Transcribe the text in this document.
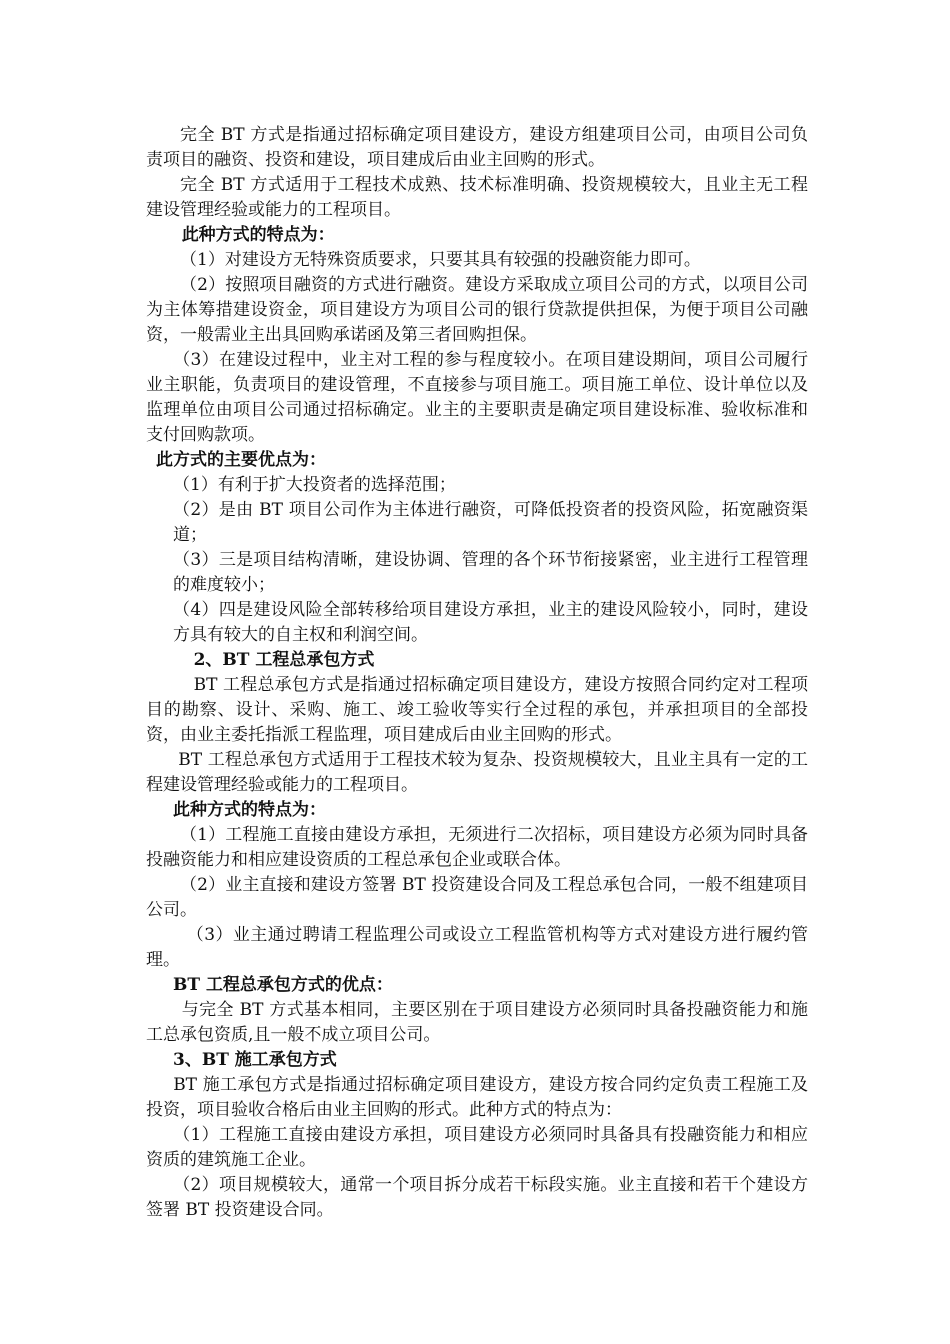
完全 BT 方式是指通过招标确定项目建设方，建设方组建项目公司，由项目公司负责项目的融资、投资和建设，项目建成后由业主回购的形式。

完全 BT 方式适用于工程技术成熟、技术标准明确、投资规模较大，且业主无工程建设管理经验或能力的工程项目。

此种方式的特点为：

（1）对建设方无特殊资质要求，只要其具有较强的投融资能力即可。

（2）按照项目融资的方式进行融资。建设方采取成立项目公司的方式，以项目公司为主体筹措建设资金，项目建设方为项目公司的银行贷款提供担保，为便于项目公司融资，一般需业主出具回购承诺函及第三者回购担保。

（3）在建设过程中，业主对工程的参与程度较小。在项目建设期间，项目公司履行业主职能，负责项目的建设管理，不直接参与项目施工。项目施工单位、设计单位以及监理单位由项目公司通过招标确定。业主的主要职责是确定项目建设标准、验收标准和支付回购款项。

此方式的主要优点为：

（1）有利于扩大投资者的选择范围；

（2）是由 BT 项目公司作为主体进行融资，可降低投资者的投资风险，拓宽融资渠道；

（3）三是项目结构清晰，建设协调、管理的各个环节衔接紧密，业主进行工程管理的难度较小；

（4）四是建设风险全部转移给项目建设方承担，业主的建设风险较小，同时，建设方具有较大的自主权和利润空间。

2、BT 工程总承包方式

BT 工程总承包方式是指通过招标确定项目建设方，建设方按照合同约定对工程项目的勘察、设计、采购、施工、竣工验收等实行全过程的承包，并承担项目的全部投资，由业主委托指派工程监理，项目建成后由业主回购的形式。

BT 工程总承包方式适用于工程技术较为复杂、投资规模较大，且业主具有一定的工程建设管理经验或能力的工程项目。

此种方式的特点为：

（1）工程施工直接由建设方承担，无须进行二次招标，项目建设方必须为同时具备投融资能力和相应建设资质的工程总承包企业或联合体。

（2）业主直接和建设方签署 BT 投资建设合同及工程总承包合同，一般不组建项目公司。

（3）业主通过聘请工程监理公司或设立工程监管机构等方式对建设方进行履约管理。

BT 工程总承包方式的优点：

与完全 BT 方式基本相同，主要区别在于项目建设方必须同时具备投融资能力和施工总承包资质,且一般不成立项目公司。

3、BT 施工承包方式

BT 施工承包方式是指通过招标确定项目建设方，建设方按合同约定负责工程施工及投资，项目验收合格后由业主回购的形式。此种方式的特点为：

（1）工程施工直接由建设方承担，项目建设方必须同时具备具有投融资能力和相应资质的建筑施工企业。

（2）项目规模较大，通常一个项目拆分成若干标段实施。业主直接和若干个建设方签署 BT 投资建设合同。
